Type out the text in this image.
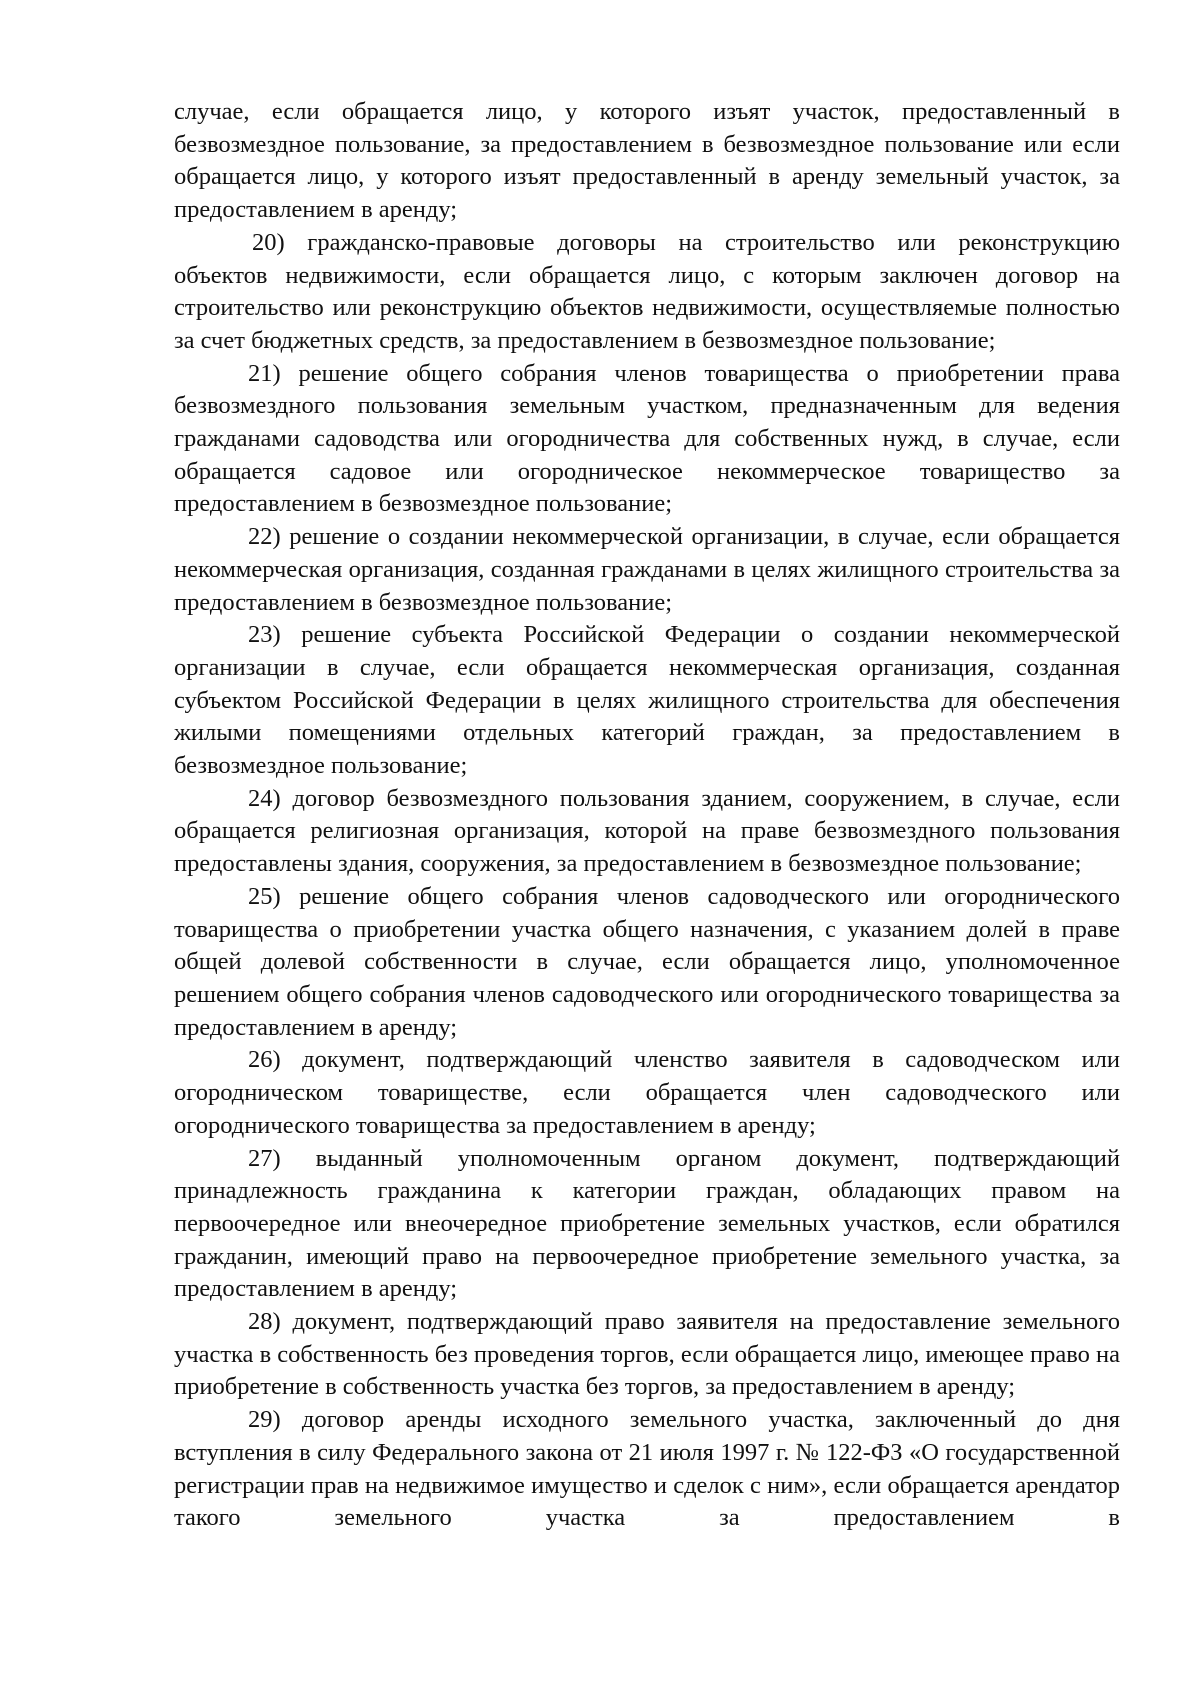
случае, если обращается лицо, у которого изъят участок, предоставленный в безвозмездное пользование, за предоставлением в безвозмездное пользование или если обращается лицо, у которого изъят предоставленный в аренду земельный участок, за предоставлением в аренду;

20) гражданско-правовые договоры на строительство или реконструкцию объектов недвижимости, если обращается лицо, с которым заключен договор на строительство или реконструкцию объектов недвижимости, осуществляемые полностью за счет бюджетных средств, за предоставлением в безвозмездное пользование;

21) решение общего собрания членов товарищества о приобретении права безвозмездного пользования земельным участком, предназначенным для ведения гражданами садоводства или огородничества для собственных нужд, в случае, если обращается садовое или огородническое некоммерческое товарищество за предоставлением в безвозмездное пользование;

22) решение о создании некоммерческой организации, в случае, если обращается некоммерческая организация, созданная гражданами в целях жилищного строительства за предоставлением в безвозмездное пользование;

23) решение субъекта Российской Федерации о создании некоммерческой организации в случае, если обращается некоммерческая организация, созданная субъектом Российской Федерации в целях жилищного строительства для обеспечения жилыми помещениями отдельных категорий граждан, за предоставлением в безвозмездное пользование;

24) договор безвозмездного пользования зданием, сооружением, в случае, если обращается религиозная организация, которой на праве безвозмездного пользования предоставлены здания, сооружения, за предоставлением в безвозмездное пользование;

25) решение общего собрания членов садоводческого или огороднического товарищества о приобретении участка общего назначения, с указанием долей в праве общей долевой собственности в случае, если обращается лицо, уполномоченное решением общего собрания членов садоводческого или огороднического товарищества за предоставлением в аренду;

26) документ, подтверждающий членство заявителя в садоводческом или огородническом товариществе, если обращается член садоводческого или огороднического товарищества за предоставлением в аренду;

27) выданный уполномоченным органом документ, подтверждающий принадлежность гражданина к категории граждан, обладающих правом на первоочередное или внеочередное приобретение земельных участков, если обратился гражданин, имеющий право на первоочередное приобретение земельного участка, за предоставлением в аренду;

28) документ, подтверждающий право заявителя на предоставление земельного участка в собственность без проведения торгов, если обращается лицо, имеющее право на приобретение в собственность участка без торгов, за предоставлением в аренду;

29) договор аренды исходного земельного участка, заключенный до дня вступления в силу Федерального закона от 21 июля 1997 г. № 122-ФЗ «О государственной регистрации прав на недвижимое имущество и сделок с ним», если обращается арендатор такого земельного участка за предоставлением в
